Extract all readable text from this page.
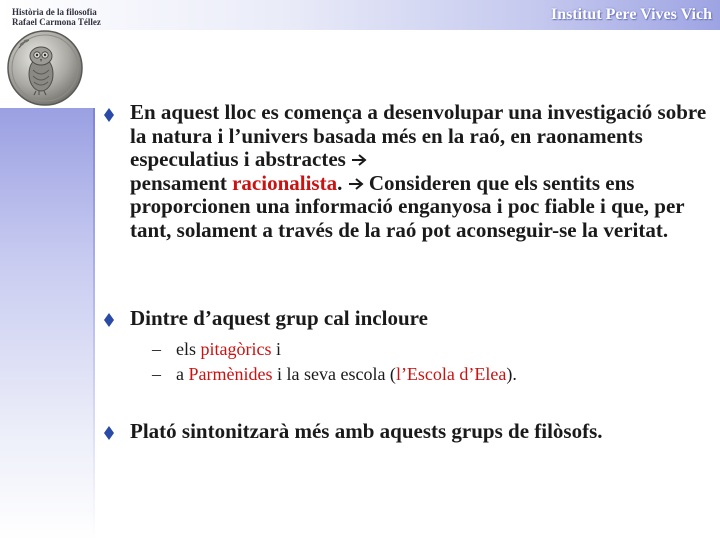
Història de la filosofia
Rafael Carmona Téllez	Institut Pere Vives Vich

En aquest lloc es comença a desenvolupar una investigació sobre la natura i l’univers basada més en la raó, en raonaments especulatius i abstractes
pensament racionalista. Consideren que els sentits ens proporcionen una informació enganyosa i poc fiable i que, per tant, solament a través de la raó pot aconseguir-se la veritat.

Dintre d’aquest grup cal incloure

– els pitagòrics i
– a Parmènides i la seva escola (l’Escola d’Elea).

Plató sintonitzarà més amb aquests grups de filòsofs.
